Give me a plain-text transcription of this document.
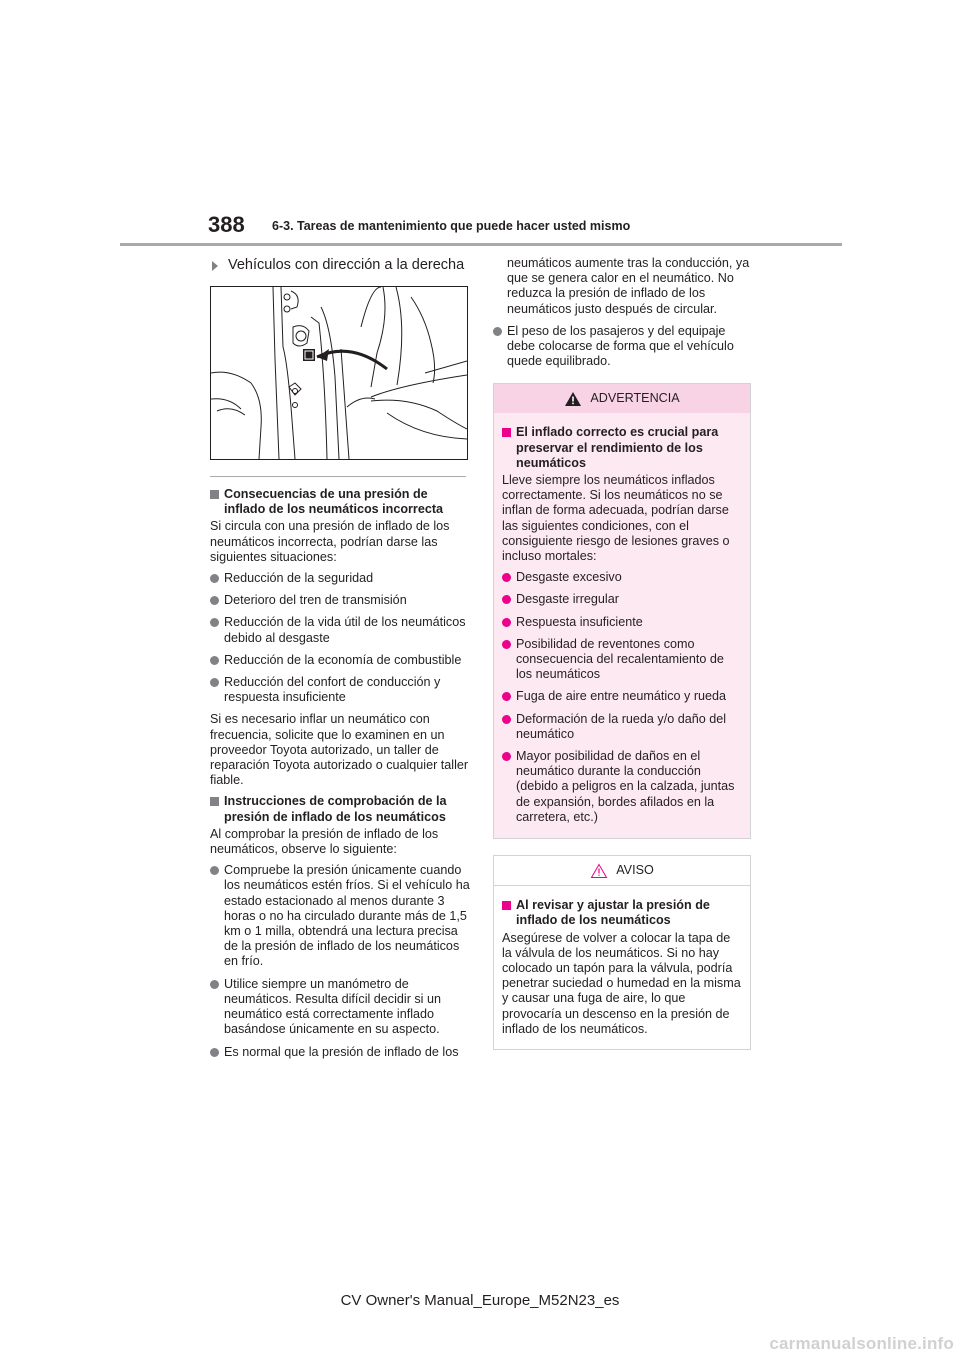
388 6-3. Tareas de mantenimiento que puede hacer usted mismo
Vehículos con dirección a la derecha
Consecuencias de una presión de inflado de los neumáticos incorrecta

Si circula con una presión de inflado de los neumáticos incorrecta, podrían darse las siguientes situaciones:

Reducción de la seguridad
Deterioro del tren de transmisión
Reducción de la vida útil de los neumáticos debido al desgaste
Reducción de la economía de combustible
Reducción del confort de conducción y respuesta insuficiente

Si es necesario inflar un neumático con frecuencia, solicite que lo examinen en un proveedor Toyota autorizado, un taller de reparación Toyota autorizado o cualquier taller fiable.

Instrucciones de comprobación de la presión de inflado de los neumáticos

Al comprobar la presión de inflado de los neumáticos, observe lo siguiente:

Compruebe la presión únicamente cuando los neumáticos estén fríos. Si el vehículo ha estado estacionado al menos durante 3 horas o no ha circulado durante más de 1,5 km o 1 milla, obtendrá una lectura precisa de la presión de inflado de los neumáticos en frío.
Utilice siempre un manómetro de neumáticos. Resulta difícil decidir si un neumático está correctamente inflado basándose únicamente en su aspecto.
Es normal que la presión de inflado de los

neumáticos aumente tras la conducción, ya que se genera calor en el neumático. No reduzca la presión de inflado de los neumáticos justo después de circular.

El peso de los pasajeros y del equipaje debe colocarse de forma que el vehículo quede equilibrado.
ADVERTENCIA
El inflado correcto es crucial para preservar el rendimiento de los neumáticos

Lleve siempre los neumáticos inflados correctamente. Si los neumáticos no se inflan de forma adecuada, podrían darse las siguientes condiciones, con el consiguiente riesgo de lesiones graves o incluso mortales:

Desgaste excesivo
Desgaste irregular
Respuesta insuficiente
Posibilidad de reventones como consecuencia del recalentamiento de los neumáticos
Fuga de aire entre neumático y rueda
Deformación de la rueda y/o daño del neumático
Mayor posibilidad de daños en el neumático durante la conducción (debido a peligros en la calzada, juntas de expansión, bordes afilados en la carretera, etc.)
AVISO
Al revisar y ajustar la presión de inflado de los neumáticos

Asegúrese de volver a colocar la tapa de la válvula de los neumáticos. Si no hay colocado un tapón para la válvula, podría penetrar suciedad o humedad en la misma y causar una fuga de aire, lo que provocaría un descenso en la presión de inflado de los neumáticos.

CV Owner's Manual_Europe_M52N23_es
carmanualsonline.info
